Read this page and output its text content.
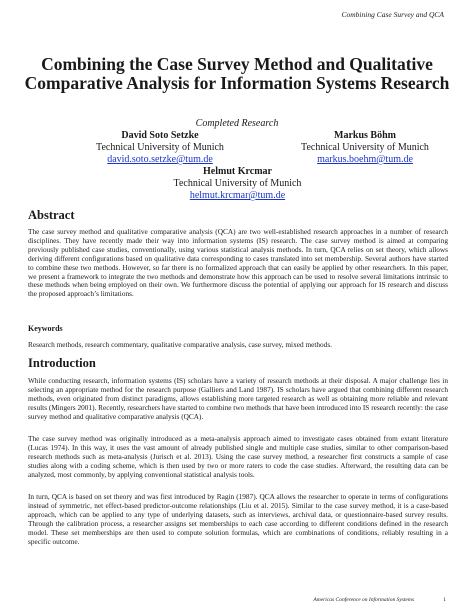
Combining Case Survey and QCA
Combining the Case Survey Method and Qualitative Comparative Analysis for Information Systems Research
Completed Research
David Soto Setzke
Technical University of Munich
david.soto.setzke@tum.de
Markus Böhm
Technical University of Munich
markus.boehm@tum.de
Helmut Krcmar
Technical University of Munich
helmut.krcmar@tum.de
Abstract

The case survey method and qualitative comparative analysis (QCA) are two well-established research approaches in a number of research disciplines. They have recently made their way into information systems (IS) research. The case survey method is aimed at comparing previously published case studies, conventionally, using various statistical analysis methods. In turn, QCA relies on set theory, which allows deriving different configurations based on qualitative data corresponding to cases translated into set membership. Several authors have started to combine these two methods. However, so far there is no formalized approach that can easily be applied by other researchers. In this paper, we present a framework to integrate the two methods and demonstrate how this approach can be used to resolve several limitations intrinsic to these methods when being employed on their own. We furthermore discuss the potential of applying our approach for IS research and discuss the proposed approach’s limitations.

Keywords

Research methods, research commentary, qualitative comparative analysis, case survey, mixed methods.

Introduction

While conducting research, information systems (IS) scholars have a variety of research methods at their disposal. A major challenge lies in selecting an appropriate method for the research purpose (Galliers and Land 1987). IS scholars have argued that combining different research methods, even originated from distinct paradigms, allows establishing more targeted research as well as obtaining more reliable and relevant results (Mingers 2001). Recently, researchers have started to combine two methods that have been introduced into IS research recently: the case survey method and qualitative comparative analysis (QCA).

The case survey method was originally introduced as a meta-analysis approach aimed to investigate cases obtained from extant literature (Lucas 1974). In this way, it uses the vast amount of already published single and multiple case studies, similar to other comparison-based research methods such as meta-analysis (Jurisch et al. 2013). Using the case survey method, a researcher first constructs a sample of case studies along with a coding scheme, which is then used by two or more raters to code the case studies. Afterward, the resulting data can be analyzed, most commonly, by applying conventional statistical analysis tools.

In turn, QCA is based on set theory and was first introduced by Ragin (1987). QCA allows the researcher to operate in terms of configurations instead of symmetric, net effect-based predictor-outcome relationships (Liu et al. 2015). Similar to the case survey method, it is a case-based approach, which can be applied to any type of underlying datasets, such as interviews, archival data, or questionnaire-based survey results. Through the calibration process, a researcher assigns set memberships to each case according to different conditions defined in the research model. These set memberships are then used to compute solution formulas, which are combinations of conditions, reliably resulting in a specific outcome.

Americas Conference on Information Systems	1
